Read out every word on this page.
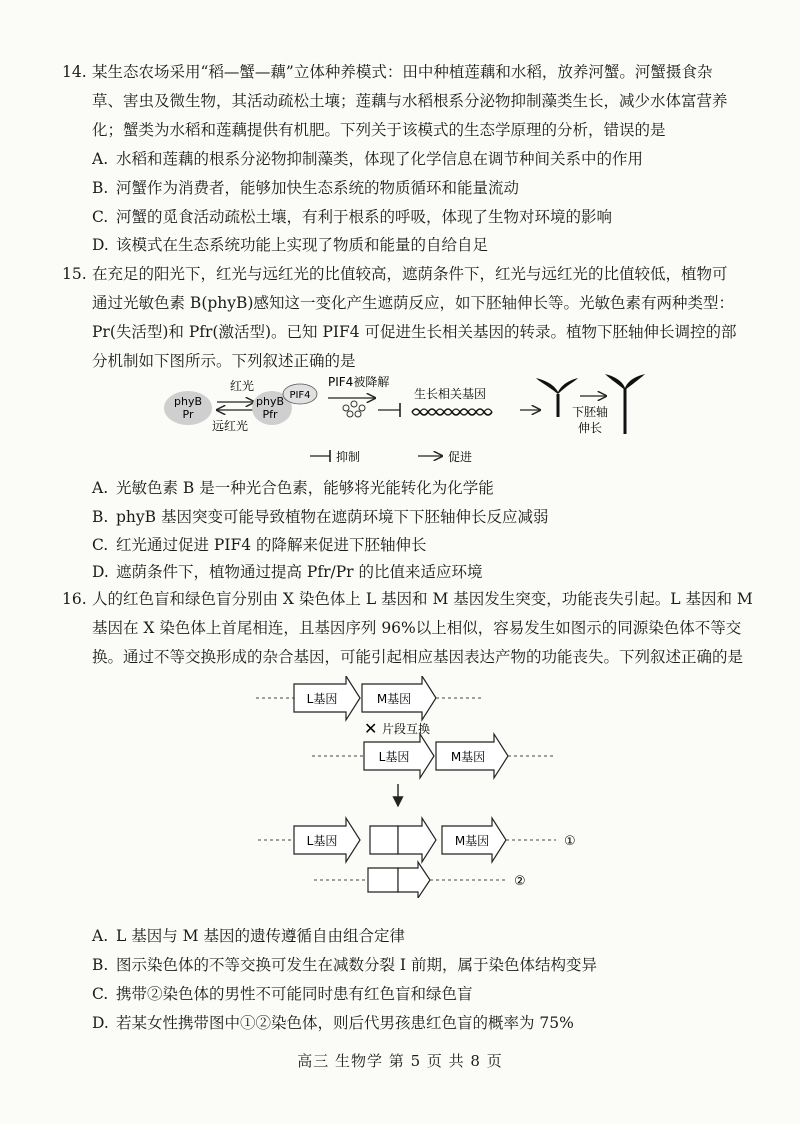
14. 某生态农场采用“稻—蟹—藕”立体种养模式：田中种植莲藕和水稻，放养河蟹。河蟹摄食杂
草、害虫及微生物，其活动疏松土壤；莲藕与水稻根系分泌物抑制藻类生长，减少水体富营养
化；蟹类为水稻和莲藕提供有机肥。下列关于该模式的生态学原理的分析，错误的是
A. 水稻和莲藕的根系分泌物抑制藻类，体现了化学信息在调节种间关系中的作用
B. 河蟹作为消费者，能够加快生态系统的物质循环和能量流动
C. 河蟹的觅食活动疏松土壤，有利于根系的呼吸，体现了生物对环境的影响
D. 该模式在生态系统功能上实现了物质和能量的自给自足
15. 在充足的阳光下，红光与远红光的比值较高，遮荫条件下，红光与远红光的比值较低，植物可
通过光敏色素 B(phyB)感知这一变化产生遮荫反应，如下胚轴伸长等。光敏色素有两种类型：
Pr(失活型)和 Pfr(激活型)。已知 PIF4 可促进生长相关基因的转录。植物下胚轴伸长调控的部
分机制如下图所示。下列叙述正确的是
phyB
Pr
红光
远红光
phyB
Pfr
PIF4
PIF4被降解
生长相关基因
下胚轴
伸长
抑制	促进
A. 光敏色素 B 是一种光合色素，能够将光能转化为化学能
B. phyB 基因突变可能导致植物在遮荫环境下下胚轴伸长反应减弱
C. 红光通过促进 PIF4 的降解来促进下胚轴伸长
D. 遮荫条件下，植物通过提高 Pfr/Pr 的比值来适应环境
16. 人的红色盲和绿色盲分别由 X 染色体上 L 基因和 M 基因发生突变，功能丧失引起。L 基因和 M
基因在 X 染色体上首尾相连，且基因序列 96%以上相似，容易发生如图示的同源染色体不等交
换。通过不等交换形成的杂合基因，可能引起相应基因表达产物的功能丧失。下列叙述正确的是
L基因	M基因
✕ 片段互换
L基因	M基因
L基因	M基因	①
②
A. L 基因与 M 基因的遗传遵循自由组合定律
B. 图示染色体的不等交换可发生在减数分裂 Ⅰ 前期，属于染色体结构变异
C. 携带②染色体的男性不可能同时患有红色盲和绿色盲
D. 若某女性携带图中①②染色体，则后代男孩患红色盲的概率为 75%
高三 生物学 第 5 页 共 8 页
